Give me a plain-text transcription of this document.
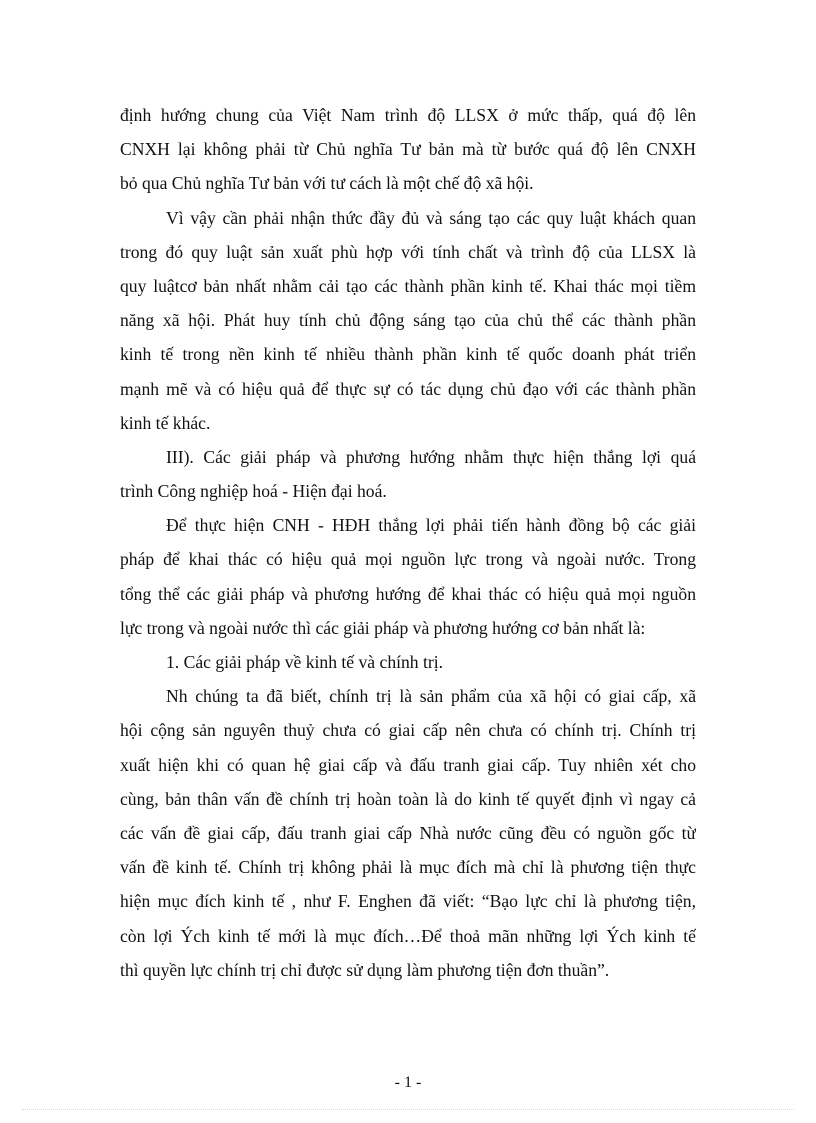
định hướng chung của Việt Nam trình độ LLSX ở mức thấp, quá độ lên
CNXH lại không phải từ Chủ nghĩa Tư bản mà từ bước quá độ lên CNXH
bỏ qua Chủ nghĩa Tư bản với tư cách là một chế độ xã hội.
Vì vậy cần phải nhận thức đầy đủ và sáng tạo các quy luật khách quan
trong đó quy luật sản xuất phù hợp với tính chất và trình độ của LLSX là
quy luậtcơ bản nhất nhằm cải tạo các thành phần kinh tế. Khai thác mọi tiềm
năng xã hội. Phát huy tính chủ động sáng tạo của chủ thể các thành phần
kinh tế trong nền kinh tế nhiều thành phần kinh tế quốc doanh phát triển
mạnh mẽ và có hiệu quả để thực sự có tác dụng chủ đạo với các thành phần
kinh tế khác.
III). Các giải pháp và phương hướng nhằm thực hiện thắng lợi quá
trình Công nghiệp hoá - Hiện đại hoá.
Để thực hiện CNH - HĐH thắng lợi phải tiến hành đồng bộ các giải
pháp để khai thác có hiệu quả mọi nguồn lực trong và ngoài nước. Trong
tổng thể các giải pháp và phương hướng để khai thác có hiệu quả mọi nguồn
lực trong và ngoài nước thì các giải pháp và phương hướng cơ bản nhất là:
1. Các giải pháp về kinh tế và chính trị.
Nh chúng ta đã biết, chính trị là sản phẩm của xã hội có giai cấp, xã
hội cộng sản nguyên thuỷ chưa có giai cấp nên chưa có chính trị. Chính trị
xuất hiện khi có quan hệ giai cấp và đấu tranh giai cấp. Tuy nhiên xét cho
cùng, bản thân vấn đề chính trị hoàn toàn là do kinh tế quyết định vì ngay cả
các vấn đề giai cấp, đấu tranh giai cấp Nhà nước cũng đều có nguồn gốc từ
vấn đề kinh tế. Chính trị không phải là mục đích mà chỉ là phương tiện thực
hiện mục đích kinh tế , như F. Enghen đã viết: “Bạo lực chỉ là phương tiện,
còn lợi Ých kinh tế mới là mục đích…Để thoả mãn những lợi Ých kinh tế
thì quyền lực chính trị chỉ được sử dụng làm phương tiện đơn thuần”.
- 1 -
